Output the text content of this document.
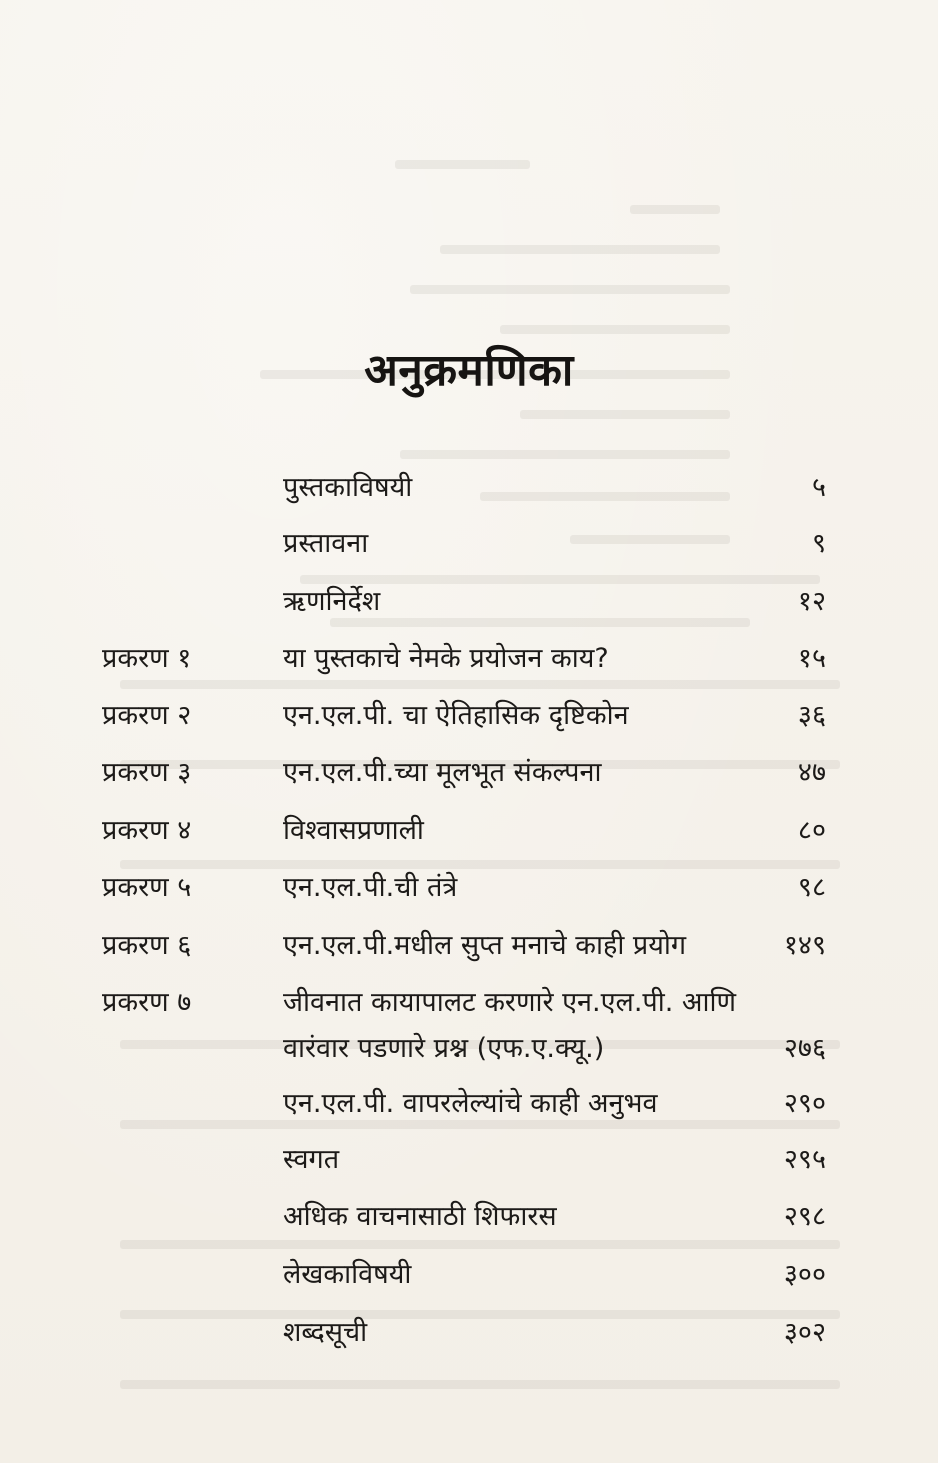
अनुक्रमणिका
पुस्तकाविषयी	५
प्रस्तावना	९
ऋणनिर्देश	१२
प्रकरण १	या पुस्तकाचे नेमके प्रयोजन काय?	१५
प्रकरण २	एन.एल.पी. चा ऐतिहासिक दृष्टिकोन	३६
प्रकरण ३	एन.एल.पी.च्या मूलभूत संकल्पना	४७
प्रकरण ४	विश्वासप्रणाली	८०
प्रकरण ५	एन.एल.पी.ची तंत्रे	९८
प्रकरण ६	एन.एल.पी.मधील सुप्त मनाचे काही प्रयोग	१४९
प्रकरण ७	जीवनात कायापालट करणारे एन.एल.पी. आणि
वारंवार पडणारे प्रश्न (एफ.ए.क्यू.)	२७६
एन.एल.पी. वापरलेल्यांचे काही अनुभव	२९०
स्वगत	२९५
अधिक वाचनासाठी शिफारस	२९८
लेखकाविषयी	३००
शब्दसूची	३०२
